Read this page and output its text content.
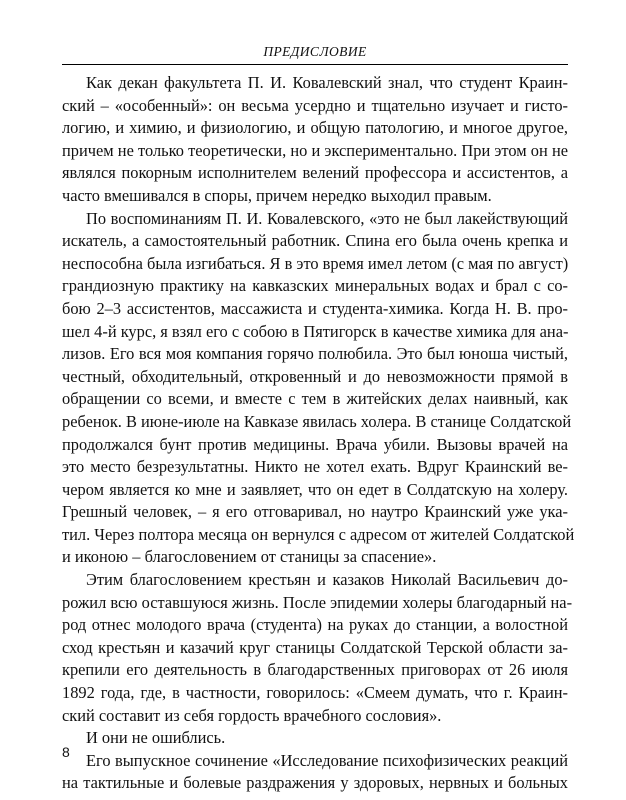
ПРЕДИСЛОВИЕ
Как декан факультета П. И. Ковалевский знал, что студент Краин-
ский – «особенный»: он весьма усердно и тщательно изучает и гисто-
логию, и химию, и физиологию, и общую патологию, и многое другое,
причем не только теоретически, но и экспериментально. При этом он не
являлся покорным исполнителем велений профессора и ассистентов, а
часто вмешивался в споры, причем нередко выходил правым.
По воспоминаниям П. И. Ковалевского, «это не был лакействующий
искатель, а самостоятельный работник. Спина его была очень крепка и
неспособна была изгибаться. Я в это время имел летом (с мая по август)
грандиозную практику на кавказских минеральных водах и брал с со-
бою 2–3 ассистентов, массажиста и студента-химика. Когда Н. В. про-
шел 4-й курс, я взял его с собою в Пятигорск в качестве химика для ана-
лизов. Его вся моя компания горячо полюбила. Это был юноша чистый,
честный, обходительный, откровенный и до невозможности прямой в
обращении со всеми, и вместе с тем в житейских делах наивный, как
ребенок. В июне-июле на Кавказе явилась холера. В станице Солдатской
продолжался бунт против медицины. Врача убили. Вызовы врачей на
это место безрезультатны. Никто не хотел ехать. Вдруг Краинский ве-
чером является ко мне и заявляет, что он едет в Солдатскую на холеру.
Грешный человек, – я его отговаривал, но наутро Краинский уже ука-
тил. Через полтора месяца он вернулся с адресом от жителей Солдатской
и иконою – благословением от станицы за спасение».
Этим благословением крестьян и казаков Николай Васильевич до-
рожил всю оставшуюся жизнь. После эпидемии холеры благодарный на-
род отнес молодого врача (студента) на руках до станции, а волостной
сход крестьян и казачий круг станицы Солдатской Терской области за-
крепили его деятельность в благодарственных приговорах от 26 июля
1892 года, где, в частности, говорилось: «Смеем думать, что г. Краин-
ский составит из себя гордость врачебного сословия».
И они не ошиблись.
Его выпускное сочинение «Исследование психофизических реакций
на тактильные и болевые раздражения у здоровых, нервных и больных
8
